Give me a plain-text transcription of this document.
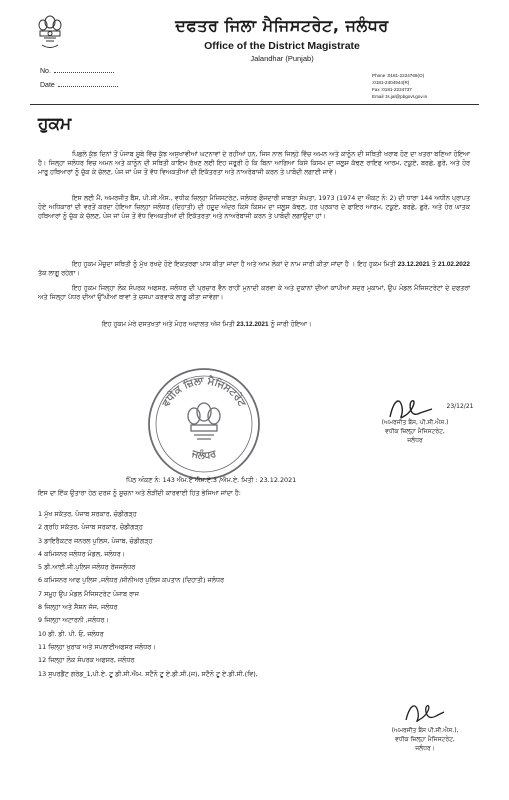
ਦਫਤਰ ਜਿਲਾ ਮੈਜਿਸਟਰੇਟ, ਜਲੰਧਰ
Office of the District Magistrate
Jalandhar (Punjab)
No.
Date
Phone :0181-2224769(O)
:0181-2404944(R)
Fax :0181-2224737
Email :ts.jal@pbgovt.gov.in
ਹੁਕਮ
ਪਿਛਲੇ ਕੁੱਝ ਦਿਨਾਂ ਤੋਂ ਪੰਜਾਬ ਸੂਬੇ ਵਿੱਚ ਕੁੱਝ ਅਸੁਖਾਵੀਆਂ ਘਟਨਾਵਾਂ ਦੇ ਰਹੀਆਂ ਹਨ, ਜਿਸ ਨਾਲ ਜਿਲ੍ਹੇ ਵਿੱਚ ਅਮਨ ਅਤੇ ਕਾਨੂੰਨ ਦੀ ਸਥਿਤੀ ਖਰਾਬ ਹੋਣ ਦਾ ਖਤਰਾ ਬਣਿਆ ਹੋਇਆ ਹੈ। ਜਿਲ੍ਹਾ ਜਲੰਧਰ ਵਿਚ ਅਮਨ ਅਤੇ ਕਾਨੂੰਨ ਦੀ ਸਥਿਤੀ ਕਾਇਮ ਰੱਖਣ ਲਈ ਇਹ ਜਰੂਰੀ ਹੋ ਕਿ ਬਿਨਾ ਆਗਿਆ ਕਿਸੇ ਕਿਸਮ ਦਾ ਜਲੂਸ ਕੱਢਣ ਰਾਇਫ ਆਰਮ, ਟਕੂਏ, ਬਰਛੇ, ਛੁਰੇ, ਅਤੇ ਹੋਰ ਮਾਰੂ ਹਥਿਆਰਾਂ ਨੂੰ ਚੁੱਕ ਕੇ ਚੱਲਣ, ਪੰਜ ਜਾਂ ਪੰਜ ਤੋਂ ਵੱਧ ਵਿਅਕਤੀਆਂ ਦੀ ਇਕੱਤਰਤਾ ਅਤੇ ਨਾਅਰੇਬਾਜੀ ਕਰਨ ਤੇ ਪਾਬੰਦੀ ਲਗਾਈ ਜਾਵੇ।
ਇਸ ਲਈ ਮੈਂ, ਅਮਰਜੀਤ ਬੈਂਸ, ਪੀ.ਸੀ.ਐਸ., ਵਧੀਕ ਜ਼ਿਲ੍ਹਾ ਮੈਜਿਸਟਰੇਟ, ਜਲੰਧਰ ਫੌਜਦਾਰੀ ਜਾਬਤਾ ਸੰਘਤਾ, 1973 (1974 ਦਾ ਐਕਟ ਨੰ: 2) ਦੀ ਧਾਰਾ 144 ਅਧੀਨ ਪ੍ਰਾਪਤ ਹੋਏ ਅਧਿਕਾਰਾਂ ਦੀ ਵਰਤੋਂ ਕਰਦਾ ਹੋਇਆ ਜ਼ਿਲ੍ਹਾ ਜਲੰਧਰ (ਦਿਹਾਤੀ) ਦੀ ਹਦੂਦ ਅੰਦਰ ਕਿਸੇ ਕਿਸਮ ਦਾ ਜਲੂਸ ਕੱਢਣ, ਹਰ ਪ੍ਰਕਾਰ ਦੇ ਫਾਇਰ ਆਰਮ, ਟਕੂਏ, ਬਰਛੇ, ਛੁਰੇ, ਅਤੇ ਹੋਰ ਘਾਤਕ ਹਥਿਆਰਾਂ ਨੂੰ ਚੁੱਕ ਕੇ ਚੱਲਣ, ਪੰਜ ਜਾਂ ਪੰਜ ਤੋਂ ਵੱਧ ਵਿਅਕਤੀਆਂ ਦੀ ਇਕੱਤਰਤਾ ਅਤੇ ਨਾਅਰੇਬਾਜੀ ਕਰਨ ਤੇ ਪਾਬੰਦੀ ਲਗਾਉਂਦਾ ਹਾਂ।
ਇਹ ਹੁਕਮ ਮੌਜੂਦਾ ਸਥਿਤੀ ਨੂੰ ਮੁੱਖ ਰਖਦੇ ਹੋਏ ਇਕਤਰਫਾ ਪਾਸ ਕੀਤਾ ਜਾਂਦਾ ਹੈ ਅਤੇ ਆਮ ਲੋਕਾਂ ਦੇ ਨਾਮ ਜਾਰੀ ਕੀਤਾ ਜਾਂਦਾ ਹੈ । ਇਹ ਹੁਕਮ ਮਿਤੀ 23.12.2021 ਤੋ 21.02.2022 ਤੱਕ ਲਾਗੂ ਰਹੇਗਾ।
ਇਹ ਹੁਕਮ ਜਿਲ੍ਹਾ ਲੋਕ ਸੰਪਰਕ ਅਫਸਰ, ਜਲੰਧਰ ਦੀ ਪ੍ਰਚਾਰ ਵੈਨ ਰਾਹੀਂ ਮੁਨਾਦੀ ਕਰਵਾ ਕੇ ਅਤੇ ਦੁਕਾਨਾਂ ਦੀਆਂ ਕਾਪੀਆਂ ਸਦਰ ਮੁਕਾਮਾਂ, ਉਪ ਮੰਡਲ ਮੈਜਿਸਟਰੇਟਾਂ ਦੇ ਦਫਤਰਾਂ ਅਤੇ ਜਿਲ੍ਹਾ ਪੱਧਰ ਦੀਆਂ ਉੱਘੀਆਂ ਥਾਵਾਂ ਤੇ ਚਸਪਾ ਕਰਵਾਕੇ ਲਾਗੂ ਕੀਤਾ ਜਾਵੇਗਾ।
ਇਹ ਹੁਕਮ ਮੇਰੇ ਦਸਤਖਤਾਂ ਅਤੇ ਮੋਹਰ ਅਦਾਲਤ ਅੱਜ ਮਿਤੀ 23.12.2021 ਨੂੰ ਜਾਰੀ ਹੋਇਆ।
ਵਧੀਕ ਜ਼ਿਲਾ ਮੈਜਿਸਟਰੇਟ
ਜਲੰਧਰ
23/12/21
(ਅਮਰਜੀਤ ਬੈਂਸ, ਪੀ.ਸੀ.ਐਸ.)
ਵਧੀਕ ਜ਼ਿਲ੍ਹਾ ਮੈਜਿਸਟਰੇਟ,
ਜਲੰਧਰ
ਪਿੱਠ ਅੰਕਣ ਨੰ: 143 ਐਮ.ਏ ਐਮ.ਏ.3 /ਐਮ.ਏ. ਮਿਤੀ : 23.12.2021
ਇਸ ਦਾ ਇੱਕ ਉਤਾਰਾ ਹੇਠ ਦਰਜ ਨੂੰ ਸੂਚਨਾ ਅਤੇ ਲੋੜੀਂਦੀ ਕਾਰਵਾਈ ਹਿਤ ਭੇਜਿਆ ਜਾਂਦਾ ਹੈ:
1 ਮੁੱਖ ਸਕੱਤਰ, ਪੰਜਾਬ ਸਰਕਾਰ, ਚੰਡੀਗੜ੍ਹ
2 ਗ੍ਰਹਿ ਸਕੱਤਰ, ਪੰਜਾਬ ਸਰਕਾਰ, ਚੰਡੀਗੜ੍ਹ
3 ਡਾਇਰੈਕਟਰ ਜਨਰਲ ਪੁਲਿਸ, ਪੰਜਾਬ, ਚੰਡੀਗੜ੍ਹ
4 ਕਮਿਸ਼ਨਰ ਜਲੰਧਰ ਮੰਡਲ, ਜਲੰਧਰ।
5 ਡੀ.ਆਈ.ਜੀ.ਪੁਲਿਸ ਜਲੰਧਰ ਰੇਂਜਜਲੰਧਰ
6 ਕਮਿਸ਼ਨਰ ਆਫ ਪੁਲਿਸ ,ਜਲੰਧਰ /ਸੀਨੀਅਰ ਪੁਲਿਸ ਕਪਤਾਨ (ਦਿਹਾਤੀ) ਜਲੰਧਰ
7 ਸਮੂਹ ਉਪ ਮੰਡਲ ਮੈਜਿਸਟਰੇਟ ਪੰਜਾਬ ਰਾਜ
8 ਜਿਲ੍ਹਾ ਅਤੇ ਸੈਸ਼ਨ ਜੱਜ, ਜਲੰਧਰ
9 ਜਿਲ੍ਹਾ ਅਟਾਰਨੀ ,ਜਲੰਧਰ।
10 ਡੀ. ਡੀ. ਪੀ. ਓ, ਜਲੰਧਰ
11 ਜ਼ਿਲ੍ਹਾ ਖੁਰਾਕ ਅਤੇ ਸਪਲਾਈਅਫਸਰ ਜਲੰਧਰ।
12 ਜਿਲ੍ਹਾ ਲੋਕ ਸੰਪਰਕ ਅਫਸਰ, ਜਲੰਧਰ
13 ਸੁਪਰਡੈਂਟ ਗਰੇਡ_1,ਪੀ.ਏ. ਟੂ ਡੀ.ਸੀ.ਐਮ. ਸਟੈਨੋ ਟੂ ਏ.ਡੀ.ਸੀ.(ਜ), ਸਟੈਨੋ ਟੂ ਏ.ਡੀ.ਸੀ.(ਵਿ),
(ਅਮਰਜੀਤ ਬੈਂਸ ਪੀ.ਸੀ.ਐਸ.),
ਵਧੀਕ ਜ਼ਿਲ੍ਹਾ ਮੈਜਿਸਟਰੇਟ,
ਜਲੰਧਰ।
